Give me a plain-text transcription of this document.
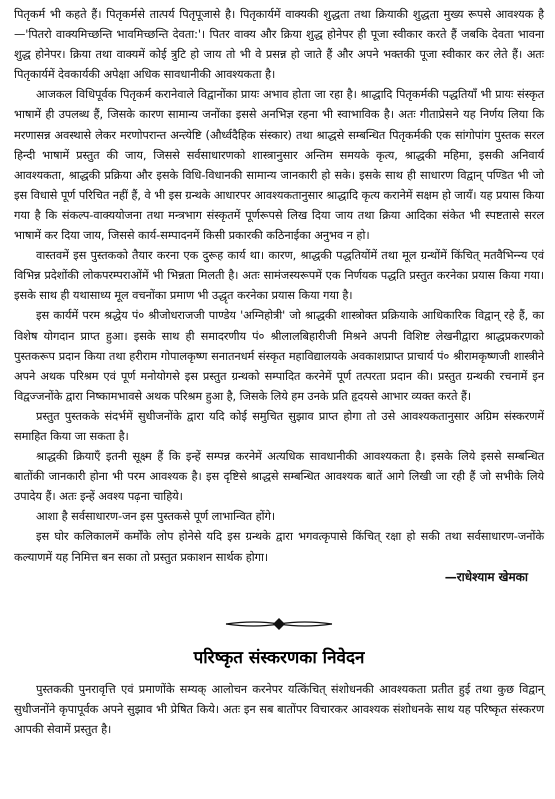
पितृकर्म भी कहते हैं। पितृकर्मसे तात्पर्य पितृपूजासे है। पितृकार्यमें वाक्यकी शुद्धता तथा क्रियाकी शुद्धता मुख्य रूपसे आवश्यक है—'पितरो वाक्यमिच्छन्ति भावमिच्छन्ति देवता:'। पितर वाक्य और क्रिया शुद्ध होनेपर ही पूजा स्वीकार करते हैं जबकि देवता भावना शुद्ध होनेपर। क्रिया तथा वाक्यमें कोई त्रुटि हो जाय तो भी वे प्रसन्न हो जाते हैं और अपने भक्तकी पूजा स्वीकार कर लेते हैं। अतः पितृकार्यमें देवकार्यकी अपेक्षा अधिक सावधानीकी आवश्यकता है।

आजकल विधिपूर्वक पितृकर्म करानेवाले विद्वानोंका प्रायः अभाव होता जा रहा है। श्राद्धादि पितृकर्मकी पद्धतियाँ भी प्रायः संस्कृत भाषामें ही उपलब्ध हैं, जिसके कारण सामान्य जनोंका इससे अनभिज्ञ रहना भी स्वाभाविक है। अतः गीताप्रेसने यह निर्णय लिया कि मरणासन्न अवस्थासे लेकर मरणोपरान्त अन्त्येष्टि (और्ध्वदैहिक संस्कार) तथा श्राद्धसे सम्बन्धित पितृकर्मकी एक सांगोपांग पुस्तक सरल हिन्दी भाषामें प्रस्तुत की जाय, जिससे सर्वसाधारणको शास्त्रानुसार अन्तिम समयके कृत्य, श्राद्धकी महिमा, इसकी अनिवार्य आवश्यकता, श्राद्धकी प्रक्रिया और इसके विधि-विधानकी सामान्य जानकारी हो सके। इसके साथ ही साधारण विद्वान् पण्डित भी जो इस विधासे पूर्ण परिचित नहीं हैं, वे भी इस ग्रन्थके आधारपर आवश्यकतानुसार श्राद्धादि कृत्य करानेमें सक्षम हो जायँ। यह प्रयास किया गया है कि संकल्प-वाक्ययोजना तथा मन्त्रभाग संस्कृतमें पूर्णरूपसे लिख दिया जाय तथा क्रिया आदिका संकेत भी स्पष्टतासे सरल भाषामें कर दिया जाय, जिससे कार्य-सम्पादनमें किसी प्रकारकी कठिनाईका अनुभव न हो।

वास्तवमें इस पुस्तकको तैयार करना एक दुरूह कार्य था। कारण, श्राद्धकी पद्धतियोंमें तथा मूल ग्रन्थोंमें किंचित् मतवैभिन्न्य एवं विभिन्न प्रदेशोंकी लोकपरम्पराओंमें भी भिन्नता मिलती है। अतः सामंजस्यरूपमें एक निर्णयक पद्धति प्रस्तुत करनेका प्रयास किया गया। इसके साथ ही यथासाध्य मूल वचनोंका प्रमाण भी उद्धृत करनेका प्रयास किया गया है।

इस कार्यमें परम श्रद्धेय पं० श्रीजोधराजजी पाण्डेय 'अग्निहोत्री' जो श्राद्धकी शास्त्रोक्त प्रक्रियाके आधिकारिक विद्वान् रहे हैं, का विशेष योगदान प्राप्त हुआ। इसके साथ ही समादरणीय पं० श्रीलालबिहारीजी मिश्रने अपनी विशिष्ट लेखनीद्वारा श्राद्धप्रकरणको पुस्तकरूप प्रदान किया तथा हरीराम गोपालकृष्ण सनातनधर्म संस्कृत महाविद्यालयके अवकाशप्राप्त प्राचार्य पं० श्रीरामकृष्णजी शास्त्रीने अपने अथक परिश्रम एवं पूर्ण मनोयोगसे इस प्रस्तुत ग्रन्थको सम्पादित करनेमें पूर्ण तत्परता प्रदान की। प्रस्तुत ग्रन्थकी रचनामें इन विद्वज्जनोंके द्वारा निष्कामभावसे अथक परिश्रम हुआ है, जिसके लिये हम उनके प्रति हृदयसे आभार व्यक्त करते हैं।

प्रस्तुत पुस्तकके संदर्भमें सुधीजनोंके द्वारा यदि कोई समुचित सुझाव प्राप्त होगा तो उसे आवश्यकतानुसार अग्रिम संस्करणमें समाहित किया जा सकता है।

श्राद्धकी क्रियाएँ इतनी सूक्ष्म हैं कि इन्हें सम्पन्न करनेमें अत्यधिक सावधानीकी आवश्यकता है। इसके लिये इससे सम्बन्धित बातोंकी जानकारी होना भी परम आवश्यक है। इस दृष्टिसे श्राद्धसे सम्बन्धित आवश्यक बातें आगे लिखी जा रही हैं जो सभीके लिये उपादेय हैं। अतः इन्हें अवश्य पढ़ना चाहिये।

आशा है सर्वसाधारण-जन इस पुस्तकसे पूर्ण लाभान्वित होंगे।

इस घोर कलिकालमें कर्मोंके लोप होनेसे यदि इस ग्रन्थके द्वारा भगवत्कृपासे किंचित् रक्षा हो सकी तथा सर्वसाधारण-जनोंके कल्याणमें यह निमित्त बन सका तो प्रस्तुत प्रकाशन सार्थक होगा।

—राधेश्याम खेमका

परिष्कृत संस्करणका निवेदन

पुस्तककी पुनरावृत्ति एवं प्रमाणोंके सम्यक् आलोचन करनेपर यत्किंचित् संशोधनकी आवश्यकता प्रतीत हुई तथा कुछ विद्वान् सुधीजनोंने कृपापूर्वक अपने सुझाव भी प्रेषित किये। अतः इन सब बातोंपर विचारकर आवश्यक संशोधनके साथ यह परिष्कृत संस्करण आपकी सेवामें प्रस्तुत है।
